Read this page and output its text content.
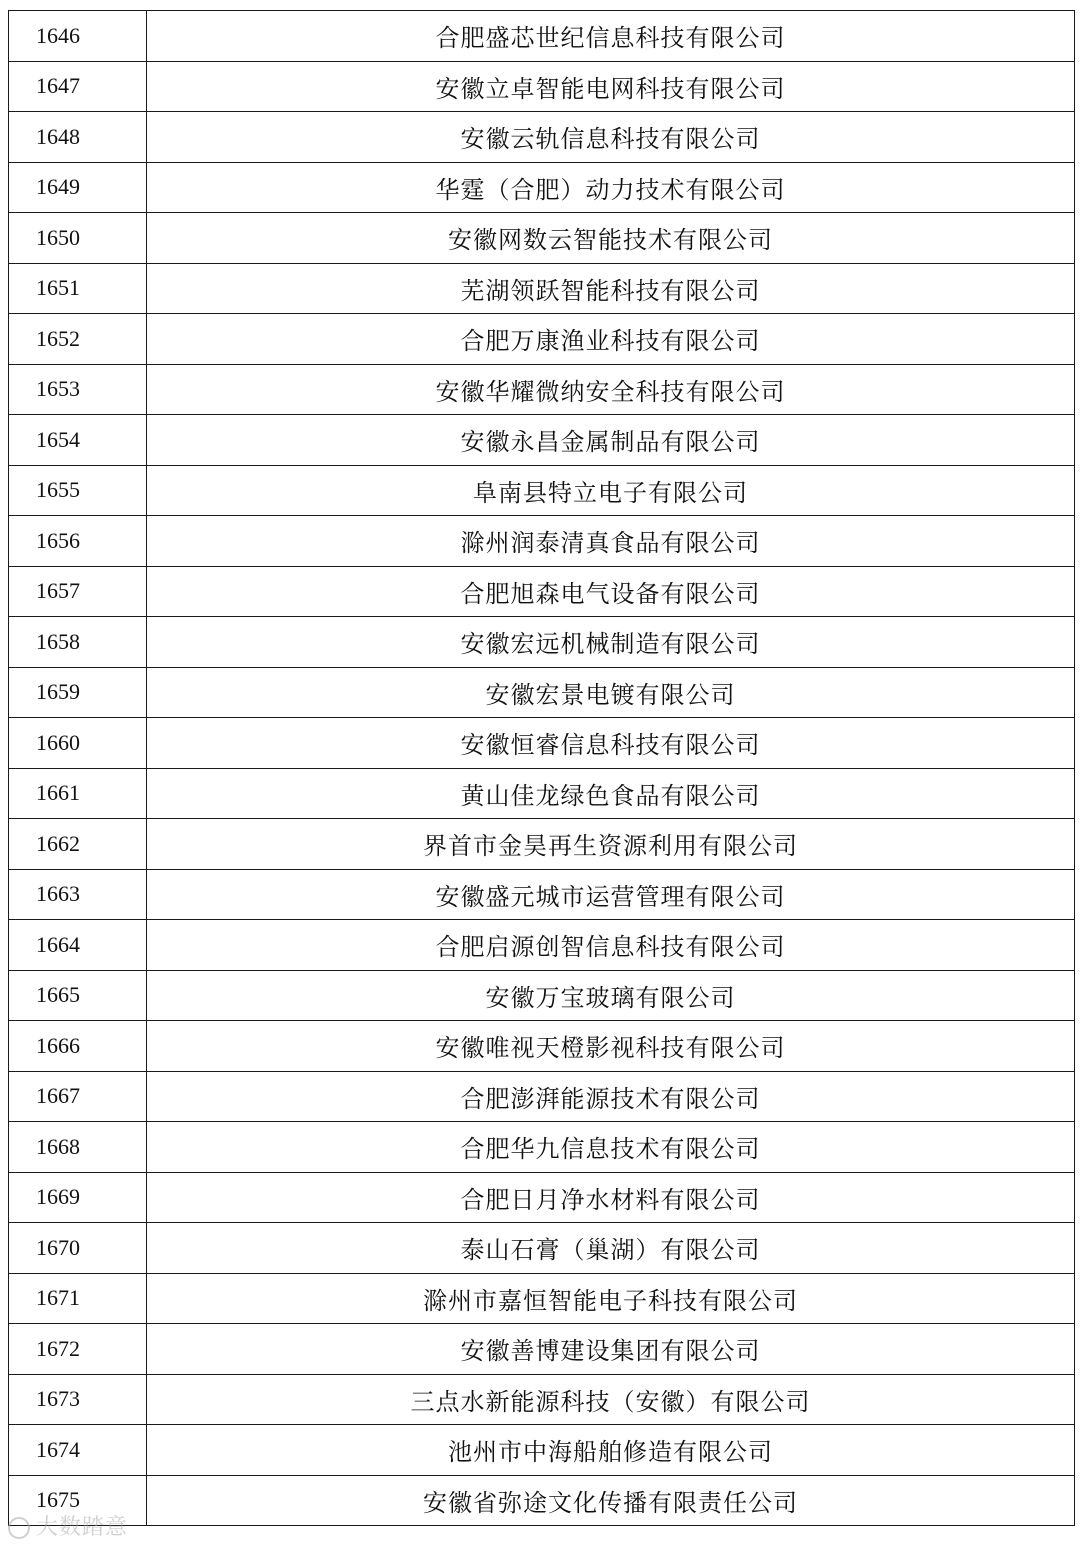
1646	合肥盛芯世纪信息科技有限公司
1647	安徽立卓智能电网科技有限公司
1648	安徽云轨信息科技有限公司
1649	华霆（合肥）动力技术有限公司
1650	安徽网数云智能技术有限公司
1651	芜湖领跃智能科技有限公司
1652	合肥万康渔业科技有限公司
1653	安徽华耀微纳安全科技有限公司
1654	安徽永昌金属制品有限公司
1655	阜南县特立电子有限公司
1656	滁州润泰清真食品有限公司
1657	合肥旭森电气设备有限公司
1658	安徽宏远机械制造有限公司
1659	安徽宏景电镀有限公司
1660	安徽恒睿信息科技有限公司
1661	黄山佳龙绿色食品有限公司
1662	界首市金昊再生资源利用有限公司
1663	安徽盛元城市运营管理有限公司
1664	合肥启源创智信息科技有限公司
1665	安徽万宝玻璃有限公司
1666	安徽唯视天橙影视科技有限公司
1667	合肥澎湃能源技术有限公司
1668	合肥华九信息技术有限公司
1669	合肥日月净水材料有限公司
1670	泰山石膏（巢湖）有限公司
1671	滁州市嘉恒智能电子科技有限公司
1672	安徽善博建设集团有限公司
1673	三点水新能源科技（安徽）有限公司
1674	池州市中海船舶修造有限公司
1675	安徽省弥途文化传播有限责任公司
大数踏意
